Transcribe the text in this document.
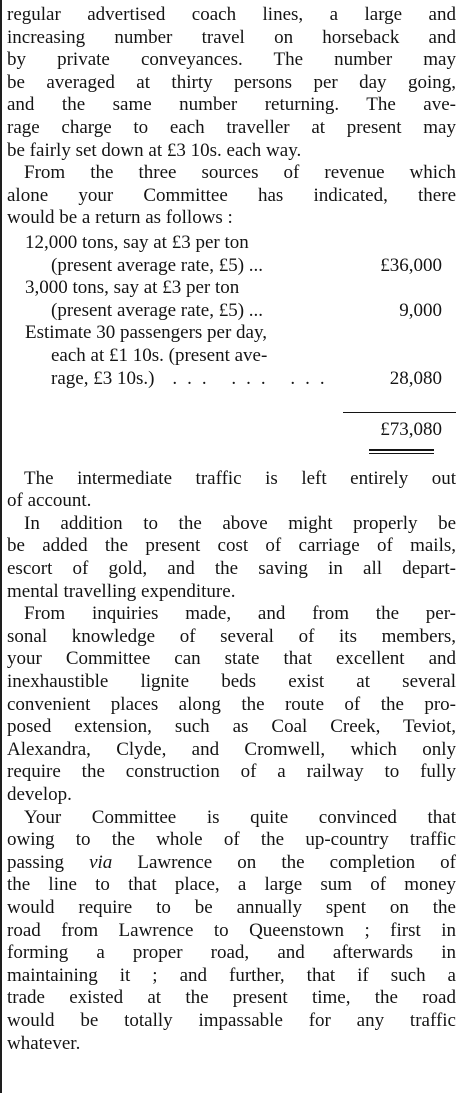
regular advertised coach lines, a large and
increasing number travel on horseback and
by private conveyances. The number may
be averaged at thirty persons per day going,
and the same number returning. The ave-
rage charge to each traveller at present may
be fairly set down at £3 10s. each way.

From the three sources of revenue which
alone your Committee has indicated, there
would be a return as follows :

12,000 tons, say at £3 per ton
(present average rate, £5) ...	£36,000
3,000 tons, say at £3 per ton
(present average rate, £5) ...	9,000
Estimate 30 passengers per day,
each at £1 10s. (present ave-
rage, £3 10s.) ... ... ...	28,080
£73,080

The intermediate traffic is left entirely out
of account.

In addition to the above might properly be
be added the present cost of carriage of mails,
escort of gold, and the saving in all depart-
mental travelling expenditure.

From inquiries made, and from the per-
sonal knowledge of several of its members,
your Committee can state that excellent and
inexhaustible lignite beds exist at several
convenient places along the route of the pro-
posed extension, such as Coal Creek, Teviot,
Alexandra, Clyde, and Cromwell, which only
require the construction of a railway to fully
develop.

Your Committee is quite convinced that
owing to the whole of the up-country traffic
passing via Lawrence on the completion of
the line to that place, a large sum of money
would require to be annually spent on the
road from Lawrence to Queenstown ; first in
forming a proper road, and afterwards in
maintaining it ; and further, that if such a
trade existed at the present time, the road
would be totally impassable for any traffic
whatever.
